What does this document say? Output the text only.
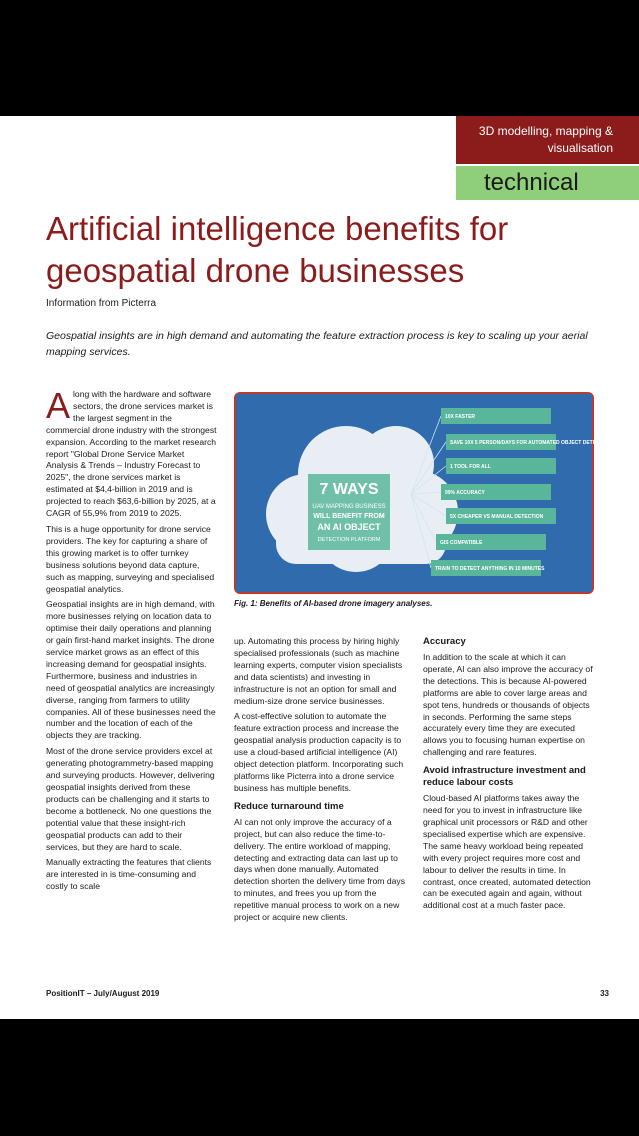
3D modelling, mapping &
visualisation
technical
Artificial intelligence benefits for geospatial drone businesses
Information from Picterra
Geospatial insights are in high demand and automating the feature extraction process is key to scaling up your aerial mapping services.

Along with the hardware and software sectors, the drone services market is the largest segment in the commercial drone industry with the strongest expansion. According to the market research report "Global Drone Service Market Analysis & Trends – Industry Forecast to 2025", the drone services market is estimated at $4,4-billion in 2019 and is projected to reach $63,6-billion by 2025, at a CAGR of 55,9% from 2019 to 2025.

This is a huge opportunity for drone service providers. The key for capturing a share of this growing market is to offer turnkey business solutions beyond data capture, such as mapping, surveying and specialised geospatial analytics.

Geospatial insights are in high demand, with more businesses relying on location data to optimise their daily operations and planning or gain first-hand market insights. The drone service market grows as an effect of this increasing demand for geospatial insights. Furthermore, business and industries in need of geospatial analytics are increasingly diverse, ranging from farmers to utility companies. All of these businesses need the number and the location of each of the objects they are tracking.

Most of the drone service providers excel at generating photogrammetry-based mapping and surveying products. However, delivering geospatial insights derived from these products can be challenging and it starts to become a bottleneck. No one questions the potential value that these insight-rich geospatial products can add to their services, but they are hard to scale.

Manually extracting the features that clients are interested in is time-consuming and costly to scale

7 WAYS
UAV MAPPING BUSINESS
WILL BENEFIT FROM
AN AI OBJECT
DETECTION PLATFORM
10X FASTER
SAVE 10X 5 PERSON/DAYS FOR AUTOMATED OBJECT DETECTION
1 TOOL FOR ALL
99% ACCURACY
5X CHEAPER VS MANUAL DETECTION
GIS COMPATIBLE
TRAIN TO DETECT ANYTHING IN 10 MINUTES
Fig. 1: Benefits of AI-based drone imagery analyses.

up. Automating this process by hiring highly specialised professionals (such as machine learning experts, computer vision specialists and data scientists) and investing in infrastructure is not an option for small and medium-size drone service businesses.

A cost-effective solution to automate the feature extraction process and increase the geospatial analysis production capacity is to use a cloud-based artificial intelligence (AI) object detection platform. Incorporating such platforms like Picterra into a drone service business has multiple benefits.

Reduce turnaround time

AI can not only improve the accuracy of a project, but can also reduce the time-to-delivery. The entire workload of mapping, detecting and extracting data can last up to days when done manually. Automated detection shorten the delivery time from days to minutes, and frees you up from the repetitive manual process to work on a new project or acquire new clients.

Accuracy

In addition to the scale at which it can operate, AI can also improve the accuracy of the detections. This is because AI-powered platforms are able to cover large areas and spot tens, hundreds or thousands of objects in seconds. Performing the same steps accurately every time they are executed allows you to focusing human expertise on challenging and rare features.

Avoid infrastructure investment and reduce labour costs

Cloud-based AI platforms takes away the need for you to invest in infrastructure like graphical unit processors or R&D and other specialised expertise which are expensive. The same heavy workload being repeated with every project requires more cost and labour to deliver the results in time. In contrast, once created, automated detection can be executed again and again, without additional cost at a much faster pace.

PositionIT – July/August 2019	33
